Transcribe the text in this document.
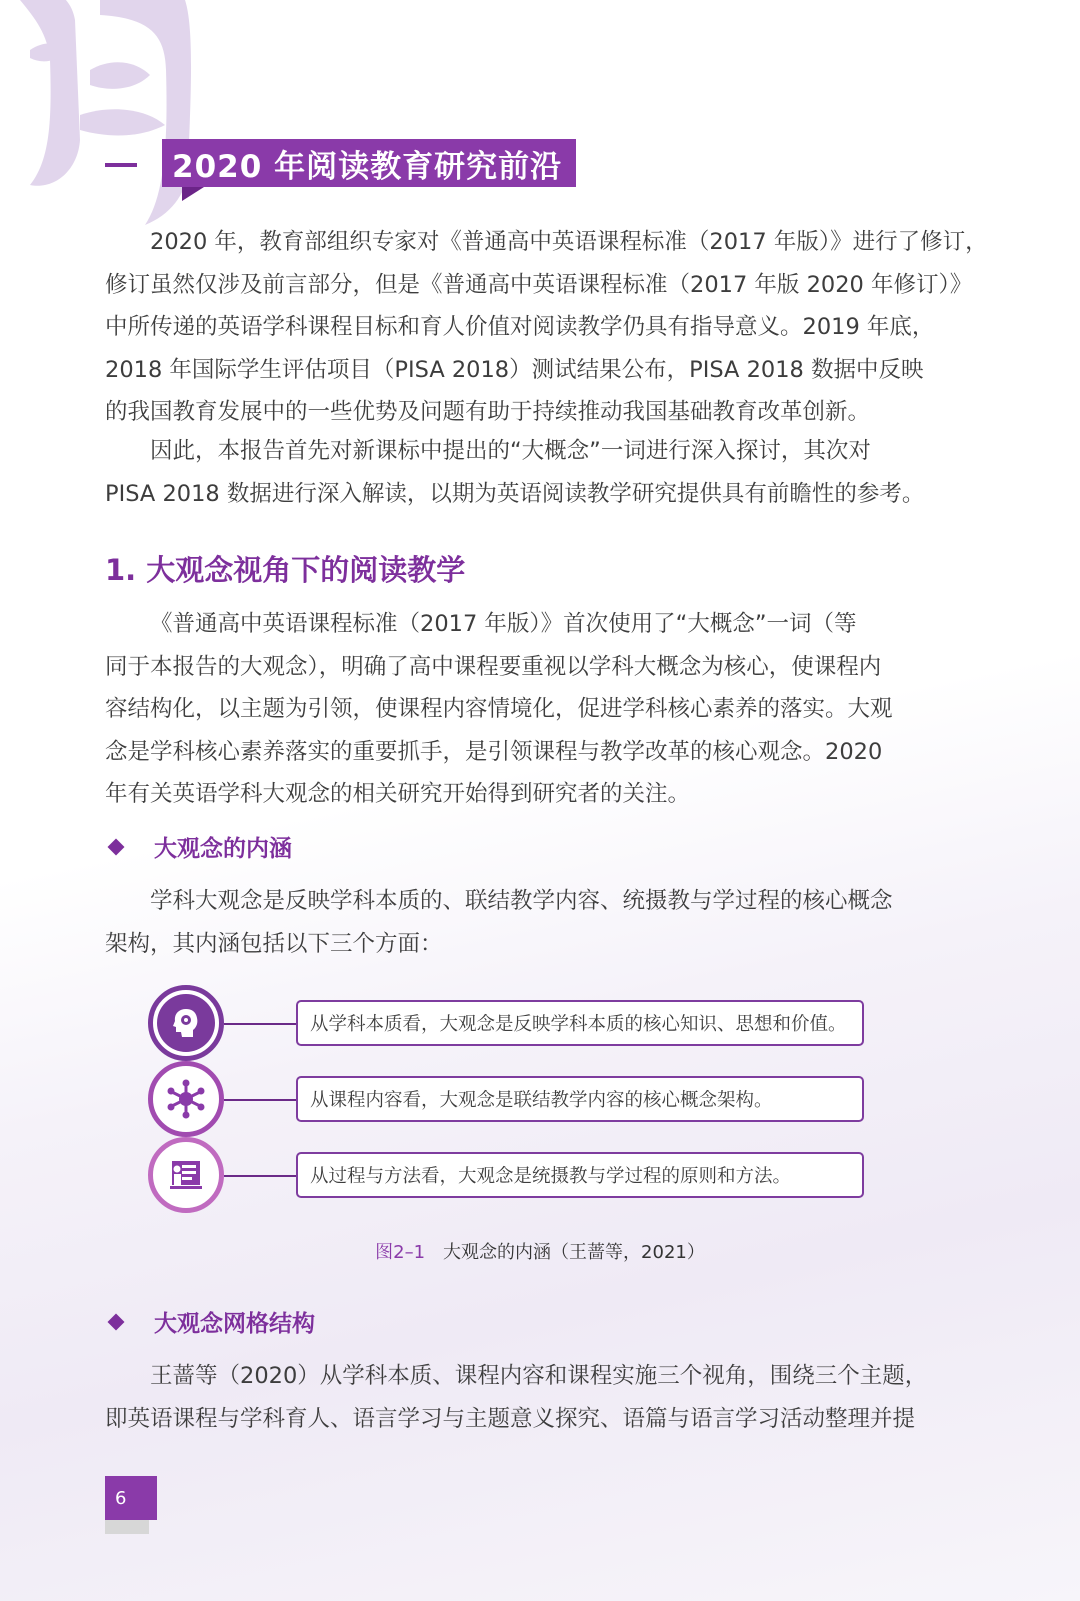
2020 年阅读教育研究前沿

2020 年，教育部组织专家对《普通高中英语课程标准（2017 年版）》进行了修订，
修订虽然仅涉及前言部分，但是《普通高中英语课程标准（2017 年版 2020 年修订）》
中所传递的英语学科课程目标和育人价值对阅读教学仍具有指导意义。2019 年底，
2018 年国际学生评估项目（PISA 2018）测试结果公布，PISA 2018 数据中反映
的我国教育发展中的一些优势及问题有助于持续推动我国基础教育改革创新。

因此，本报告首先对新课标中提出的“大概念”一词进行深入探讨，其次对
PISA 2018 数据进行深入解读，以期为英语阅读教学研究提供具有前瞻性的参考。

1. 大观念视角下的阅读教学

《普通高中英语课程标准（2017 年版）》首次使用了“大概念”一词（等
同于本报告的大观念），明确了高中课程要重视以学科大概念为核心，使课程内
容结构化，以主题为引领，使课程内容情境化，促进学科核心素养的落实。大观
念是学科核心素养落实的重要抓手，是引领课程与教学改革的核心观念。2020
年有关英语学科大观念的相关研究开始得到研究者的关注。

大观念的内涵

学科大观念是反映学科本质的、联结教学内容、统摄教与学过程的核心概念
架构，其内涵包括以下三个方面：

从学科本质看，大观念是反映学科本质的核心知识、思想和价值。
从课程内容看，大观念是联结教学内容的核心概念架构。
从过程与方法看，大观念是统摄教与学过程的原则和方法。
图2–1 大观念的内涵（王蔷等，2021）
大观念网格结构

王蔷等（2020）从学科本质、课程内容和课程实施三个视角，围绕三个主题，
即英语课程与学科育人、语言学习与主题意义探究、语篇与语言学习活动整理并提

6
